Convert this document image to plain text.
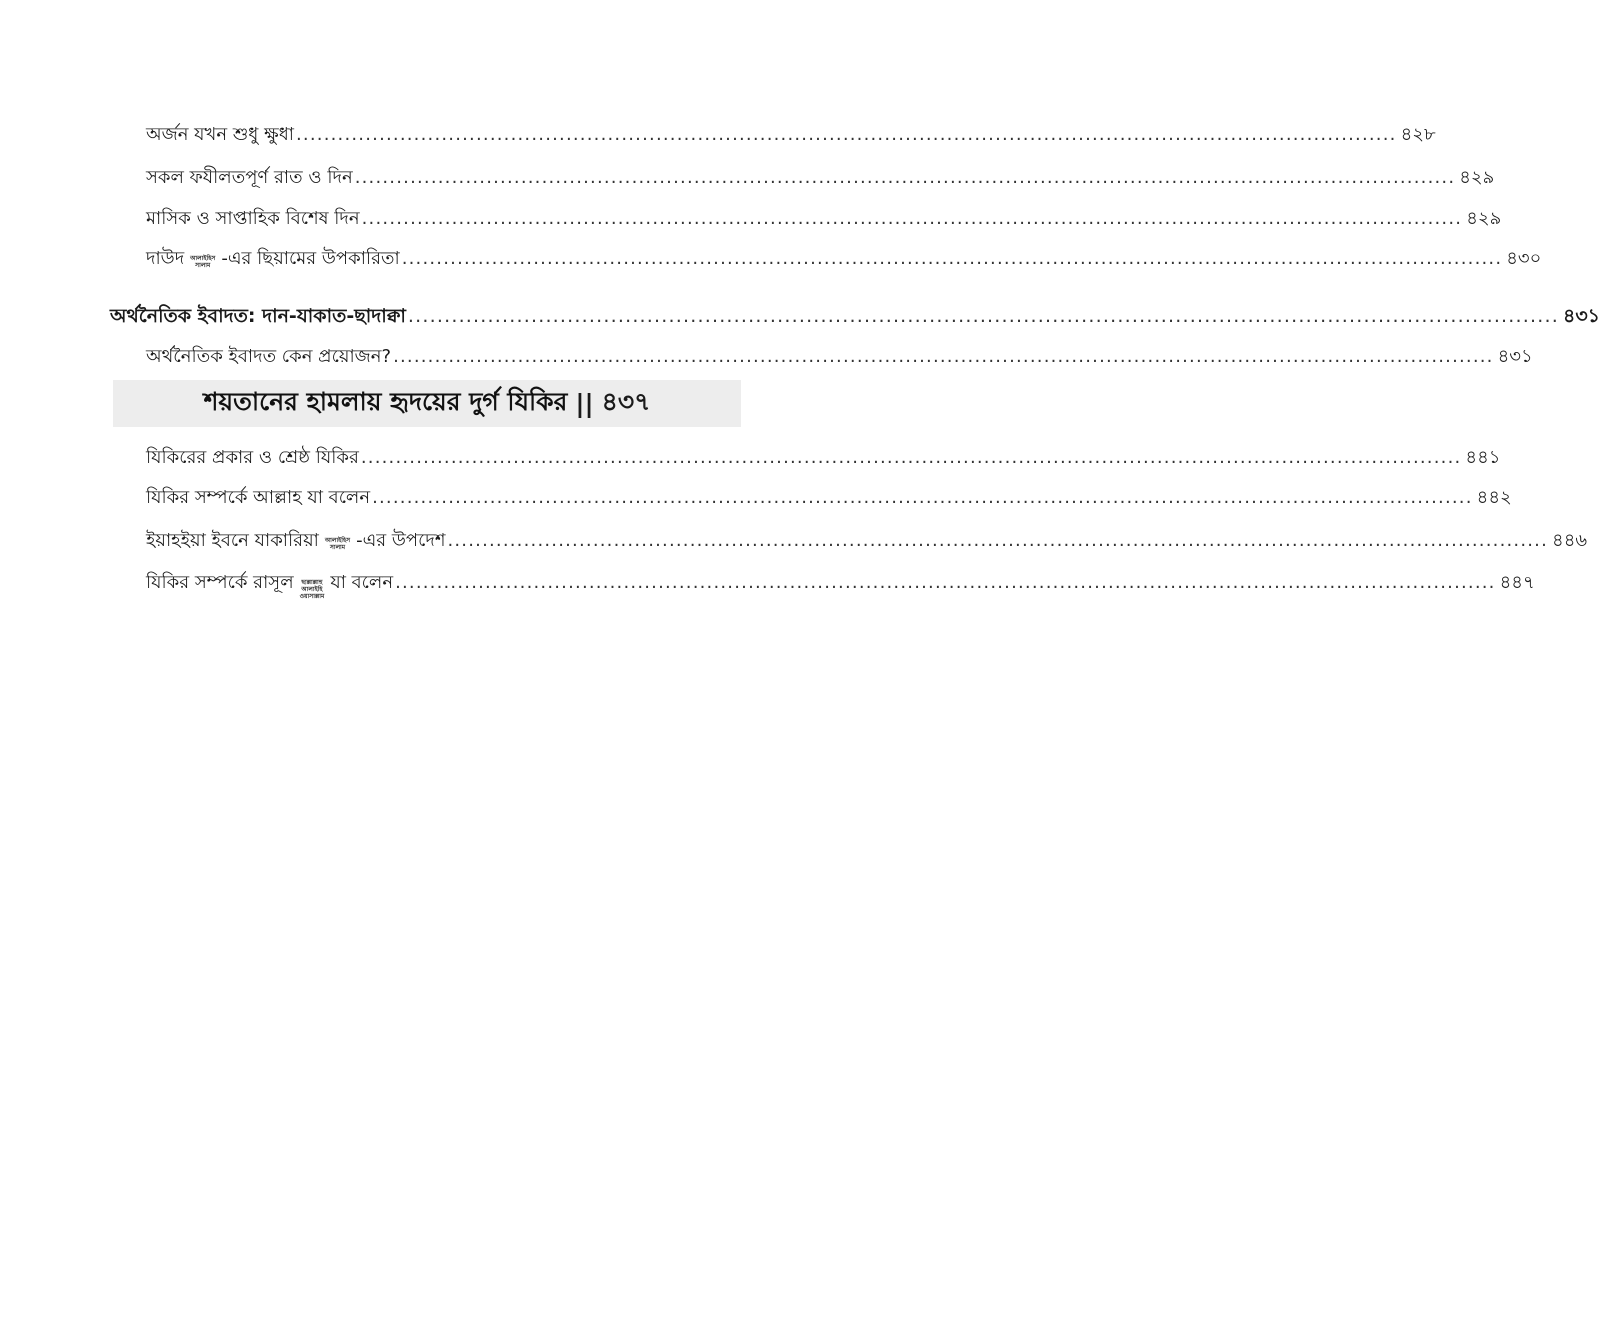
অর্জন যখন শুধু ক্ষুধা ............................................................................................................................................................... ৪২৮
সকল ফযীলতপূর্ণ রাত ও দিন ............................................................................................................................................................... ৪২৯
মাসিক ও সাপ্তাহিক বিশেষ দিন ............................................................................................................................................................... ৪২৯
দাউদ আলাইহিস
সালাম -এর ছিয়ামের উপকারিতা ............................................................................................................................................................... ৪৩০
অর্থনৈতিক ইবাদত: দান-যাকাত-ছাদাক্বা ............................................................................................................................................................... ৪৩১
অর্থনৈতিক ইবাদত কেন প্রয়োজন? ............................................................................................................................................................... ৪৩১
শয়তানের হামলায় হৃদয়ের দুর্গ যিকির || ৪৩৭
যিকিরের প্রকার ও শ্রেষ্ঠ যিকির ............................................................................................................................................................... ৪৪১
যিকির সম্পর্কে আল্লাহ যা বলেন ............................................................................................................................................................... ৪৪২
ইয়াহইয়া ইবনে যাকারিয়া আলাইহিস
সালাম -এর উপদেশ ............................................................................................................................................................... ৪৪৬
যিকির সম্পর্কে রাসূল ছাল্লাল্লাহু
আলাইহি
ওয়াসাল্লাম
যা বলেন ............................................................................................................................................................... ৪৪৭
